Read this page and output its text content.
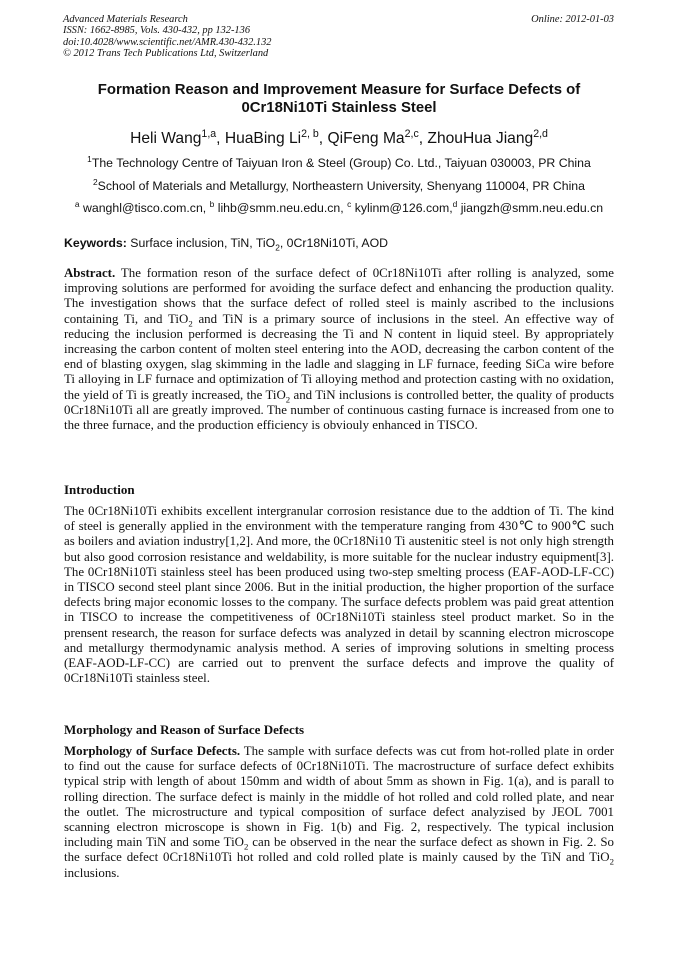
Advanced Materials Research
ISSN: 1662-8985, Vols. 430-432, pp 132-136
doi:10.4028/www.scientific.net/AMR.430-432.132
© 2012 Trans Tech Publications Ltd, Switzerland
Online: 2012-01-03
Formation Reason and Improvement Measure for Surface Defects of
0Cr18Ni10Ti Stainless Steel
Heli Wang$^{1,a}$, HuaBing Li$^{2, b}$, QiFeng Ma$^{2,c}$, ZhouHua Jiang$^{2,d}$
$^1$The Technology Centre of Taiyuan Iron & Steel (Group) Co. Ltd., Taiyuan 030003, PR China
$^2$School of Materials and Metallurgy, Northeastern University, Shenyang 110004, PR China
$^a$ wanghl@tisco.com.cn, $^b$ lihb@smm.neu.edu.cn, $^c$ kylinm@126.com,$^d$ jiangzh@smm.neu.edu.cn
Keywords: Surface inclusion, TiN, TiO$_2$, 0Cr18Ni10Ti, AOD
Abstract. The formation reson of the surface defect of 0Cr18Ni10Ti after rolling is analyzed, some improving solutions are performed for avoiding the surface defect and enhancing the production quality. The investigation shows that the surface defect of rolled steel is mainly ascribed to the inclusions containing Ti, and TiO$_2$ and TiN is a primary source of inclusions in the steel. An effective way of reducing the inclusion performed is decreasing the Ti and N content in liquid steel. By appropriately increasing the carbon content of molten steel entering into the AOD, decreasing the carbon content of the end of blasting oxygen, slag skimming in the ladle and slagging in LF furnace, feeding SiCa wire before Ti alloying in LF furnace and optimization of Ti alloying method and protection casting with no oxidation, the yield of Ti is greatly increased, the TiO$_2$ and TiN inclusions is controlled better, the quality of products 0Cr18Ni10Ti all are greatly improved. The number of continuous casting furnace is increased from one to the three furnace, and the production efficiency is obviouly enhanced in TISCO.
Introduction
The 0Cr18Ni10Ti exhibits excellent intergranular corrosion resistance due to the addtion of Ti. The kind of steel is generally applied in the environment with the temperature ranging from 430℃ to 900℃ such as boilers and aviation industry[1,2]. And more, the 0Cr18Ni10 Ti austenitic steel is not only high strength but also good corrosion resistance and weldability, is more suitable for the nuclear industry equipment[3]. The 0Cr18Ni10Ti stainless steel has been produced using two-step smelting process (EAF-AOD-LF-CC) in TISCO second steel plant since 2006. But in the initial production, the higher proportion of the surface defects bring major economic losses to the company. The surface defects problem was paid great attention in TISCO to increase the competitiveness of 0Cr18Ni10Ti stainless steel product market. So in the prensent research, the reason for surface defects was analyzed in detail by scanning electron microscope and metallurgy thermodynamic analysis method. A series of improving solutions in smelting process (EAF-AOD-LF-CC) are carried out to prenvent the surface defects and improve the quality of 0Cr18Ni10Ti stainless steel.
Morphology and Reason of Surface Defects
Morphology of Surface Defects. The sample with surface defects was cut from hot-rolled plate in order to find out the cause for surface defects of 0Cr18Ni10Ti. The macrostructure of surface defect exhibits typical strip with length of about 150mm and width of about 5mm as shown in Fig. 1(a), and is parall to rolling direction. The surface defect is mainly in the middle of hot rolled and cold rolled plate, and near the outlet. The microstructure and typical composition of surface defect analyzised by JEOL 7001 scanning electron microscope is shown in Fig. 1(b) and Fig. 2, respectively. The typical inclusion including main TiN and some TiO$_2$ can be observed in the near the surface defect as shown in Fig. 2. So the surface defect 0Cr18Ni10Ti hot rolled and cold rolled plate is mainly caused by the TiN and TiO$_2$ inclusions.
